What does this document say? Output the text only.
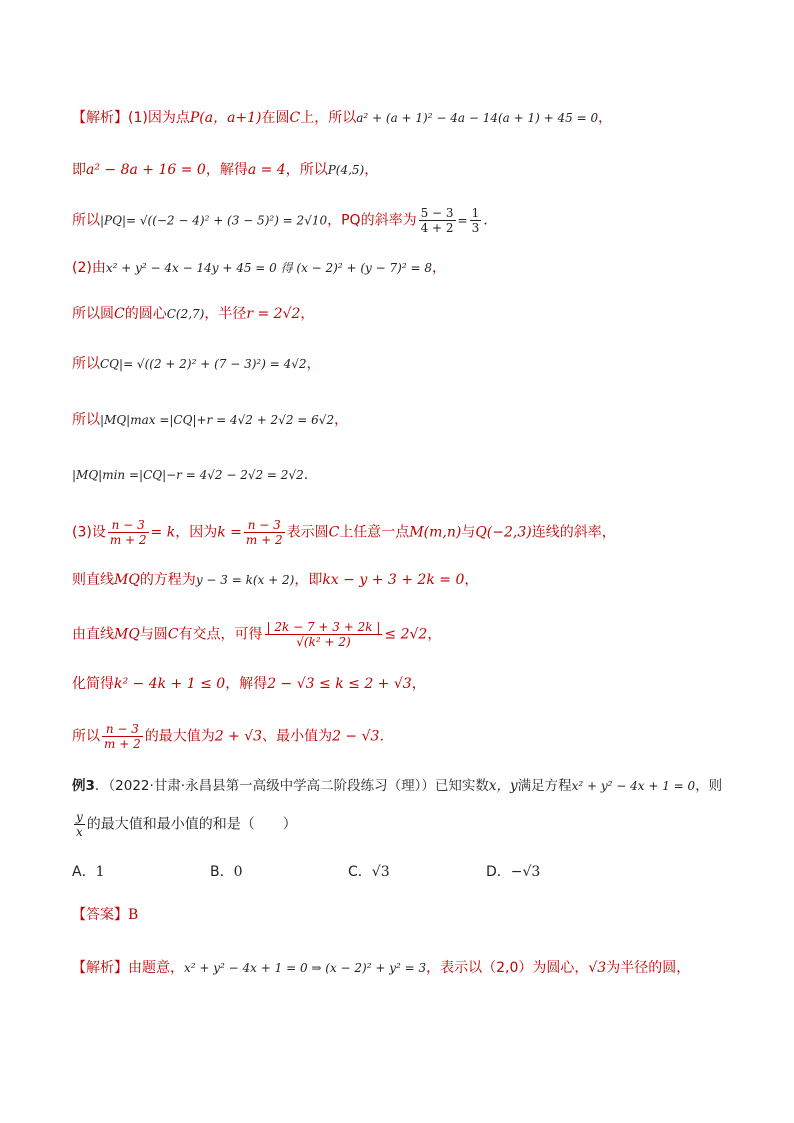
【解析】(1)因为点P(a，a+1)在圆C上，所以a² + (a + 1)² − 4a − 14(a + 1) + 45 = 0，
即a² − 8a + 16 = 0，解得a = 4，所以P(4,5)，
所以|PQ|= √((−2 − 4)² + (3 − 5)²) = 2√10，PQ的斜率为 $\frac{5 - 3}{4 + 2} = \frac{1}{3}$ .
(2)由x² + y² − 4x − 14y + 45 = 0 得 (x − 2)² + (y − 7)² = 8，
所以圆C的圆心C(2,7)，半径r = 2√2，
所以CQ|= √((2 + 2)² + (7 − 3)²) = 4√2，
所以|MQ|max =|CQ|+r = 4√2 + 2√2 = 6√2，
|MQ|min =|CQ|−r = 4√2 − 2√2 = 2√2.
(3)设 $\frac{n - 3}{m + 2} = k$，因为$k = \frac{n - 3}{m + 2}$ 表示圆C上任意一点M(m,n)与Q(−2,3)连线的斜率，
则直线MQ的方程为y − 3 = k(x + 2)，即kx − y + 3 + 2k = 0，
由直线MQ与圆C有交点，可得 $\frac{| 2k - 7 + 3 + 2k |}{\text{√(k² + 2)}} \le 2√2$，
化简得k² − 4k + 1 ≤ 0，解得2 − √3 ≤ k ≤ 2 + √3，
所以 $\frac{n - 3}{m + 2}$ 的最大值为2 + √3、最小值为2 − √3.
例3．（2022·甘肃·永昌县第一高级中学高二阶段练习（理））已知实数x，y满足方程x² + y² − 4x + 1 = 0，则
$\frac{y}{x}$ 的最大值和最小值的和是（　　）
A．1	B．0	C．√3	D．−√3
【答案】B
【解析】由题意，x² + y² − 4x + 1 = 0 ⇒ (x − 2)² + y² = 3，表示以（2,0）为圆心，√3为半径的圆，
